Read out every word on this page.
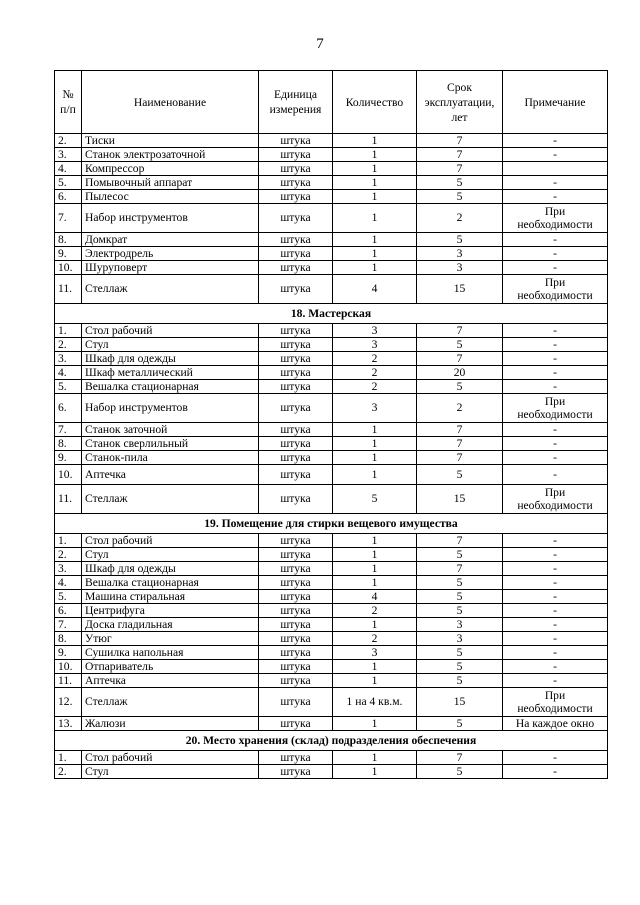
7
№ п/п	Наименование	Единица измерения	Количество	Срок эксплуатации, лет	Примечание
2.	Тиски	штука	1	7	-
3.	Станок электрозаточной	штука	1	7	-
4.	Компрессор	штука	1	7	
5.	Помывочный аппарат	штука	1	5	-
6.	Пылесос	штука	1	5	-
7.	Набор инструментов	штука	1	2	При необходимости
8.	Домкрат	штука	1	5	-
9.	Электродрель	штука	1	3	-
10.	Шуруповерт	штука	1	3	-
11.	Стеллаж	штука	4	15	При необходимости
18. Мастерская					
1.	Стол рабочий	штука	3	7	-
2.	Стул	штука	3	5	-
3.	Шкаф для одежды	штука	2	7	-
4.	Шкаф металлический	штука	2	20	-
5.	Вешалка стационарная	штука	2	5	-
6.	Набор инструментов	штука	3	2	При необходимости
7.	Станок заточной	штука	1	7	-
8.	Станок сверлильный	штука	1	7	-
9.	Станок-пила	штука	1	7	-
10.	Аптечка	штука	1	5	-
11.	Стеллаж	штука	5	15	При необходимости
19. Помещение для стирки вещевого имущества					
1.	Стол рабочий	штука	1	7	-
2.	Стул	штука	1	5	-
3.	Шкаф для одежды	штука	1	7	-
4.	Вешалка стационарная	штука	1	5	-
5.	Машина стиральная	штука	4	5	-
6.	Центрифуга	штука	2	5	-
7.	Доска гладильная	штука	1	3	-
8.	Утюг	штука	2	3	-
9.	Сушилка напольная	штука	3	5	-
10.	Отпариватель	штука	1	5	-
11.	Аптечка	штука	1	5	-
12.	Стеллаж	штука	1 на 4 кв.м.	15	При необходимости
13.	Жалюзи	штука	1	5	На каждое окно
20. Место хранения (склад) подразделения обеспечения					
1.	Стол рабочий	штука	1	7	-
2.	Стул	штука	1	5	-
